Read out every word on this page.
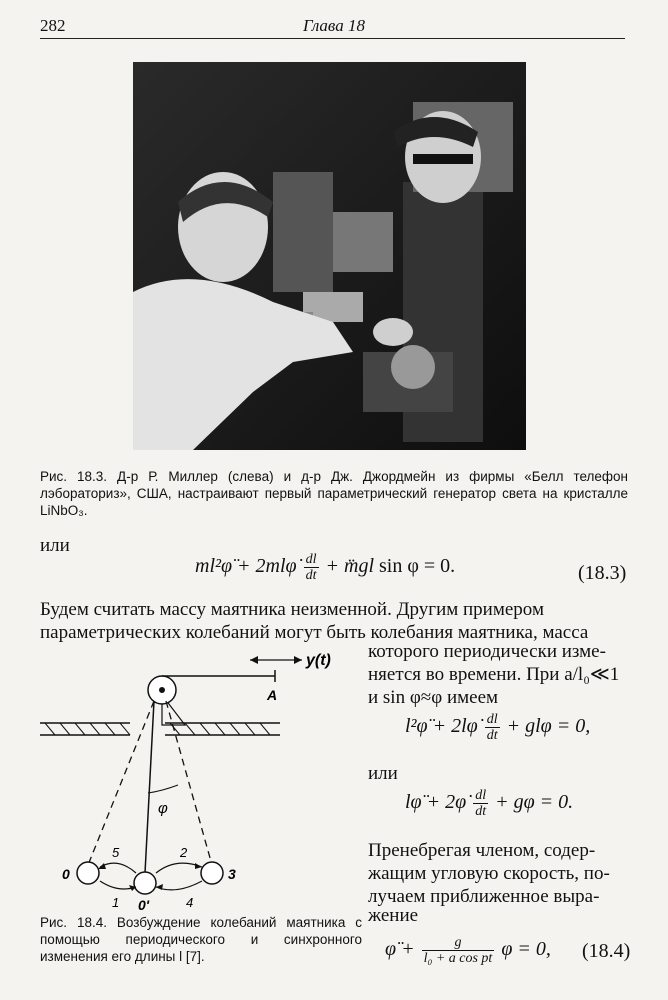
282	Глава 18
Рис. 18.3. Д-р Р. Миллер (слева) и д-р Дж. Джордмейн из фирмы «Белл телефон лэбораториз», США, настраивают первый параметрический генератор света на кристалле LiNbO₃.
или
ml²φ̈ + 2mlφ̇ $\frac{dl}{dt}$ + m̈gl sin φ = 0.	(18.3)
Будем считать массу маятника неизменной. Другим примером
параметрических колебаний могут быть колебания маятника, масса
которого периодически изме-
няется во времени. При a/l₀≪1
и sin φ≈φ имеем
l²φ̈ + 2lφ̇ $\frac{dl}{dt} + gl\varphi = 0$,
или
lφ̈ + 2φ̇ $\frac{dl}{dt} + g\varphi = 0$.
Пренебрегая членом, содер-
жащим угловую скорость, по-
лучаем приближенное выра-
жение
φ̈ + $\frac{g}{\text{l₀ + a cos pt}}$ φ = 0, (18.4)
y(t)
A
φ
0
0'
3
5	2
1	4
Рис. 18.4. Возбуждение колебаний маятника с помощью периодического и синхронного изменения его длины l [7].
